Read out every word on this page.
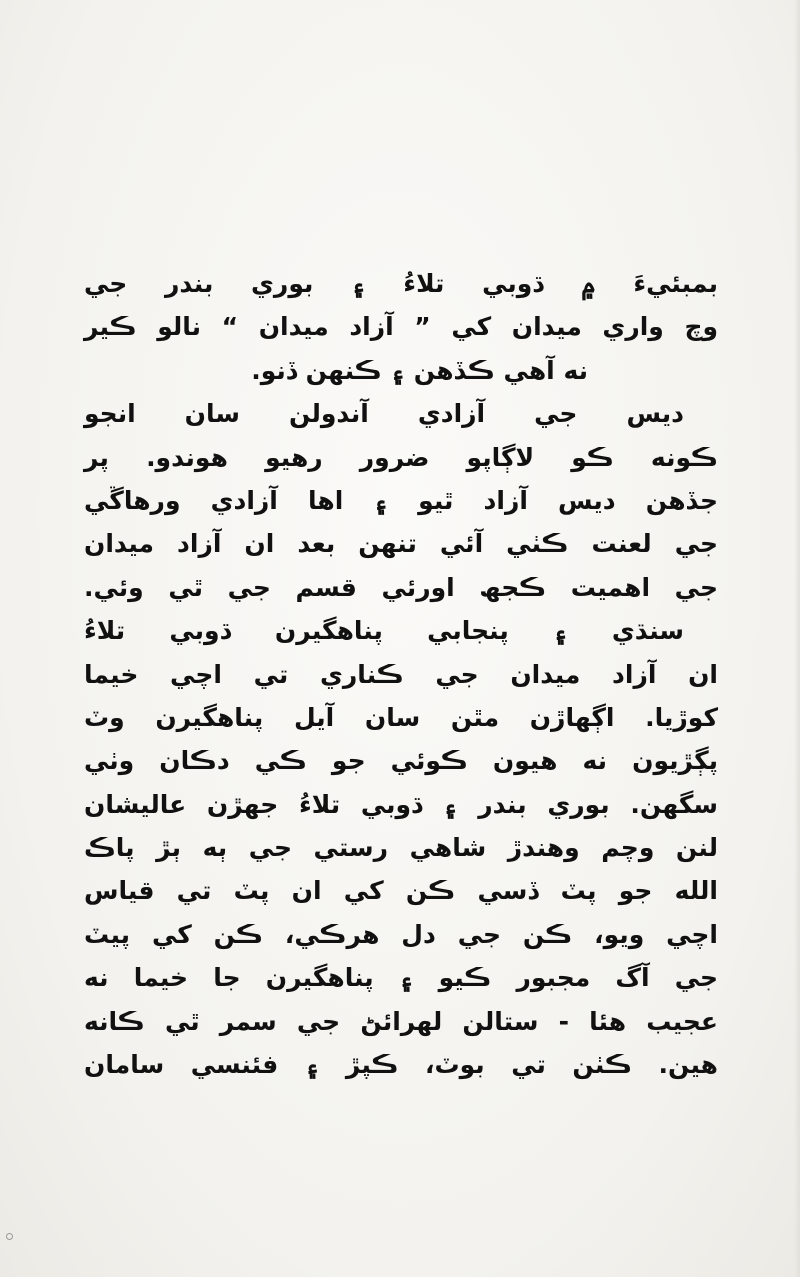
بمبئيءَ ۾ ڌوبي تلاءُ ۽ بوري بندر جي
وچ واري ميدان کي ” آزاد ميدان “ نالو ڪير
نه آهي ڪڏهن ۽ ڪنهن ڏنو.
ديس جي آزادي آندولن سان انجو
ڪونه ڪو لاڳاپو ضرور رهيو هوندو. پر
جڏهن ديس آزاد ٿيو ۽ اها آزادي ورهاڱي
جي لعنت ڪٺي آئي تنهن بعد ان آزاد ميدان
جي اهميت ڪجھ اورئي قسم جي ٿي وئي.
سنڌي ۽ پنجابي پناهگيرن ڌوبي تلاءُ
ان آزاد ميدان جي ڪناري تي اچي خيما
کوڙيا. اڳهاڙن مٿن سان آيل پناهگيرن وٽ
پڳڙيون نه هيون ڪوئي جو ڪي دڪان وٺي
سگهن. بوري بندر ۽ ڌوبي تلاءُ جهڙن عاليشان
لنن وچم وهندڙ شاهي رستي جي ٻه ٻڙ پاڪ
الله جو پٽ ڏسي ڪن کي ان پٽ تي قياس
اچي ويو، ڪن جي دل هرڪي، ڪن کي پيٽ
جي آگ مجبور ڪيو ۽ پناهگيرن جا خيما نه
عجيب هئا - ستالن لهرائڻ جي سمر ٿي ڪانه
هين. ڪٺن تي بوٽ، ڪپڙ ۽ فئنسي سامان
